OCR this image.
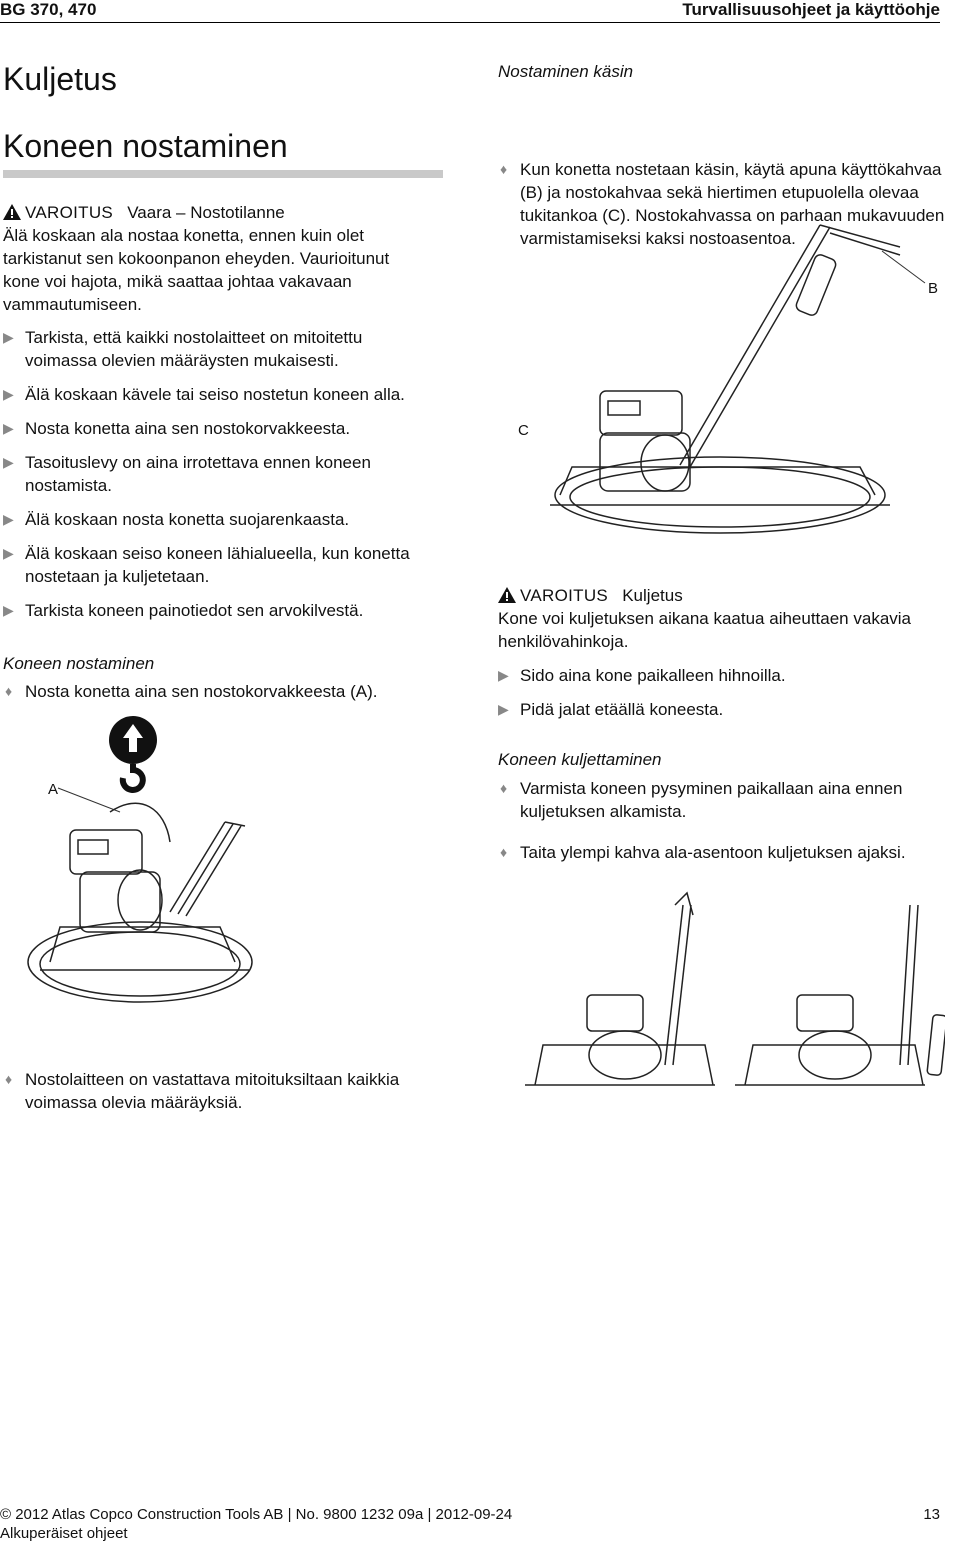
BG 370, 470	Turvallisuusohjeet ja käyttöohje
Kuljetus
Koneen nostaminen
VAROITUS Vaara – Nostotilanne
Älä koskaan ala nostaa konetta, ennen kuin olet tarkistanut sen kokoonpanon eheyden. Vaurioitunut kone voi hajota, mikä saattaa johtaa vakavaan vammautumiseen.
▶ Tarkista, että kaikki nostolaitteet on mitoitettu voimassa olevien määräysten mukaisesti.
▶ Älä koskaan kävele tai seiso nostetun koneen alla.
▶ Nosta konetta aina sen nostokorvakkeesta.
▶ Tasoituslevy on aina irrotettava ennen koneen nostamista.
▶ Älä koskaan nosta konetta suojarenkaasta.
▶ Älä koskaan seiso koneen lähialueella, kun konetta nostetaan ja kuljetetaan.
▶ Tarkista koneen painotiedot sen arvokilvestä.
Koneen nostaminen
♦ Nosta konetta aina sen nostokorvakkeesta (A).
A
♦ Nostolaitteen on vastattava mitoituksiltaan kaikkia voimassa olevia määräyksiä.
Nostaminen käsin
♦ Kun konetta nostetaan käsin, käytä apuna käyttökahvaa (B) ja nostokahvaa sekä hiertimen etupuolella olevaa tukitankoa (C). Nostokahvassa on parhaan mukavuuden varmistamiseksi kaksi nostoasentoa.
B
C
VAROITUS Kuljetus
Kone voi kuljetuksen aikana kaatua aiheuttaen vakavia henkilövahinkoja.
▶ Sido aina kone paikalleen hihnoilla.
▶ Pidä jalat etäällä koneesta.
Koneen kuljettaminen
♦ Varmista koneen pysyminen paikallaan aina ennen kuljetuksen alkamista.
♦ Taita ylempi kahva ala-asentoon kuljetuksen ajaksi.
© 2012 Atlas Copco Construction Tools AB | No. 9800 1232 09a | 2012-09-24
Alkuperäiset ohjeet
13
